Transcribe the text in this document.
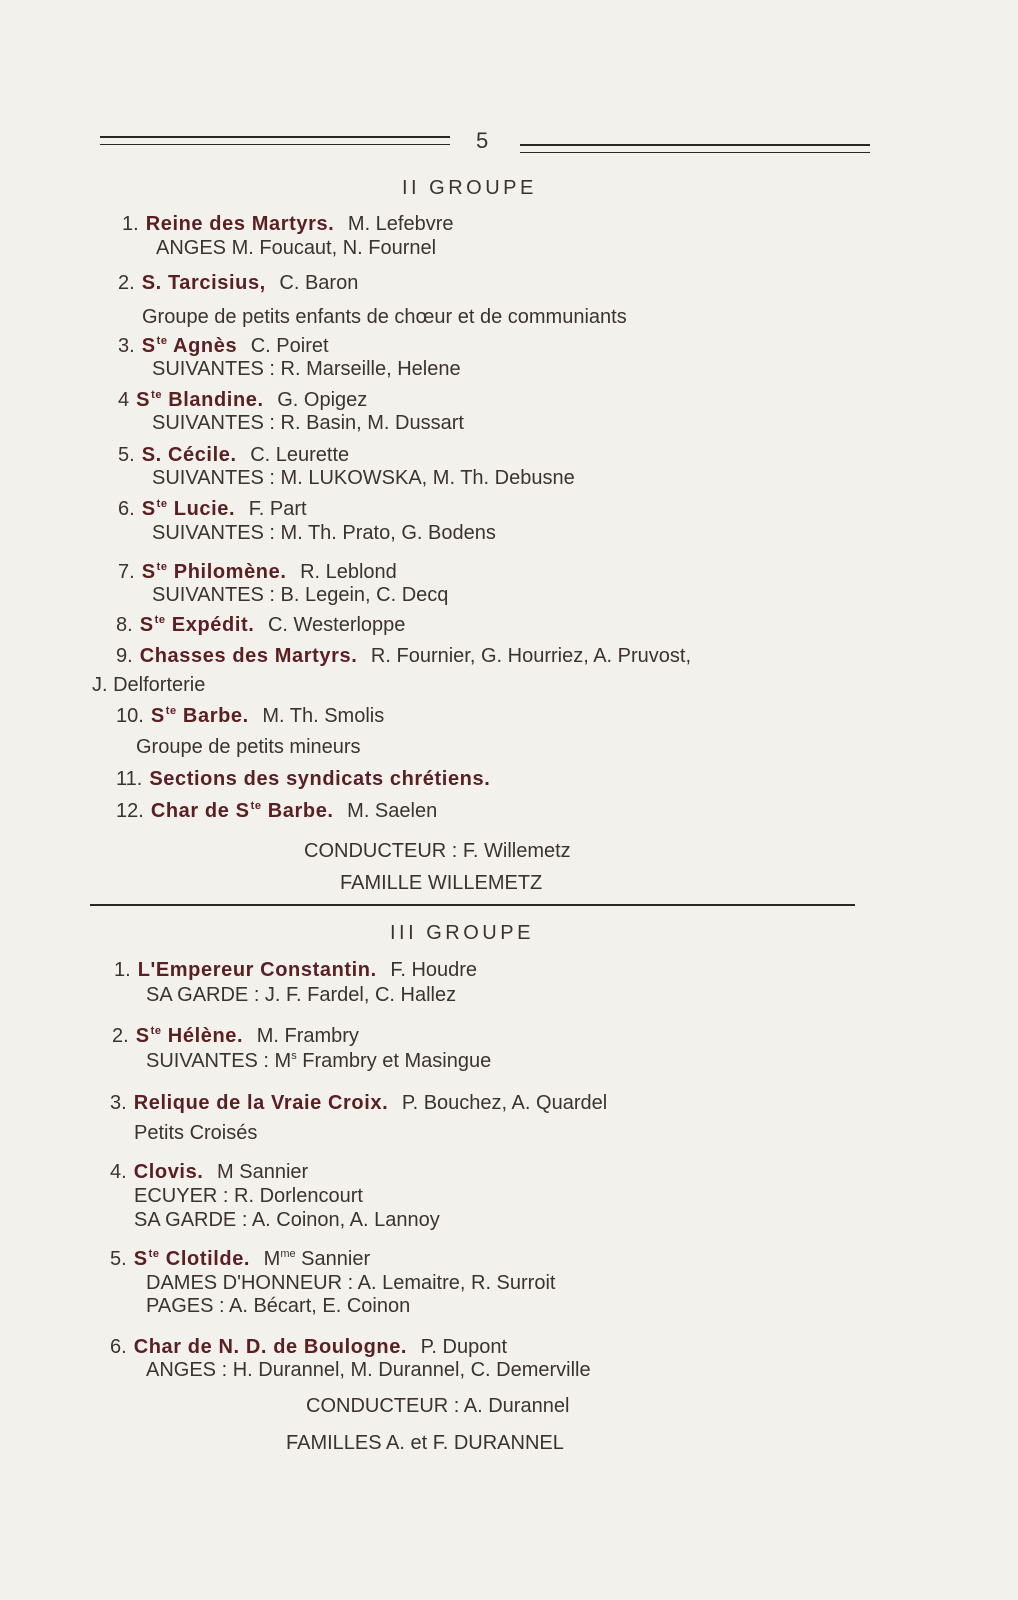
5
II GROUPE
1. Reine des Martyrs. M. Lefebvre
ANGES M. Foucaut, N. Fournel
2. S. Tarcisius, C. Baron
Groupe de petits enfants de chœur et de communiants
3. $S^{te}$ Agnès C. Poiret
SUIVANTES : R. Marseille, Helene
4 $S^{te}$ Blandine. G. Opigez
SUIVANTES : R. Basin, M. Dussart
5. S. Cécile. C. Leurette
SUIVANTES : M. LUKOWSKA, M. Th. Debusne
6. $S^{te}$ Lucie. F. Part
SUIVANTES : M. Th. Prato, G. Bodens
7. $S^{te}$ Philomène. R. Leblond
SUIVANTES : B. Legein, C. Decq
8. $S^{te}$ Expédit. C. Westerloppe
9. Chasses des Martyrs. R. Fournier, G. Hourriez, A. Pruvost,
J. Delforterie
10. $S^{te}$ Barbe. M. Th. Smolis
Groupe de petits mineurs
11. Sections des syndicats chrétiens.
12. Char de $S^{te}$ Barbe. M. Saelen
CONDUCTEUR : F. Willemetz
FAMILLE WILLEMETZ
III GROUPE
1. L'Empereur Constantin. F. Houdre
SA GARDE : J. F. Fardel, C. Hallez
2. $S^{te}$ Hélène. M. Frambry
SUIVANTES : $M^s$ Frambry et Masingue
3. Relique de la Vraie Croix. P. Bouchez, A. Quardel
Petits Croisés
4. Clovis. M Sannier
ECUYER : R. Dorlencourt
SA GARDE : A. Coinon, A. Lannoy
5. $S^{te}$ Clotilde. $M^{me}$ Sannier
DAMES D'HONNEUR : A. Lemaitre, R. Surroit
PAGES : A. Bécart, E. Coinon
6. Char de N. D. de Boulogne. P. Dupont
ANGES : H. Durannel, M. Durannel, C. Demerville
CONDUCTEUR : A. Durannel
FAMILLES A. et F. DURANNEL
